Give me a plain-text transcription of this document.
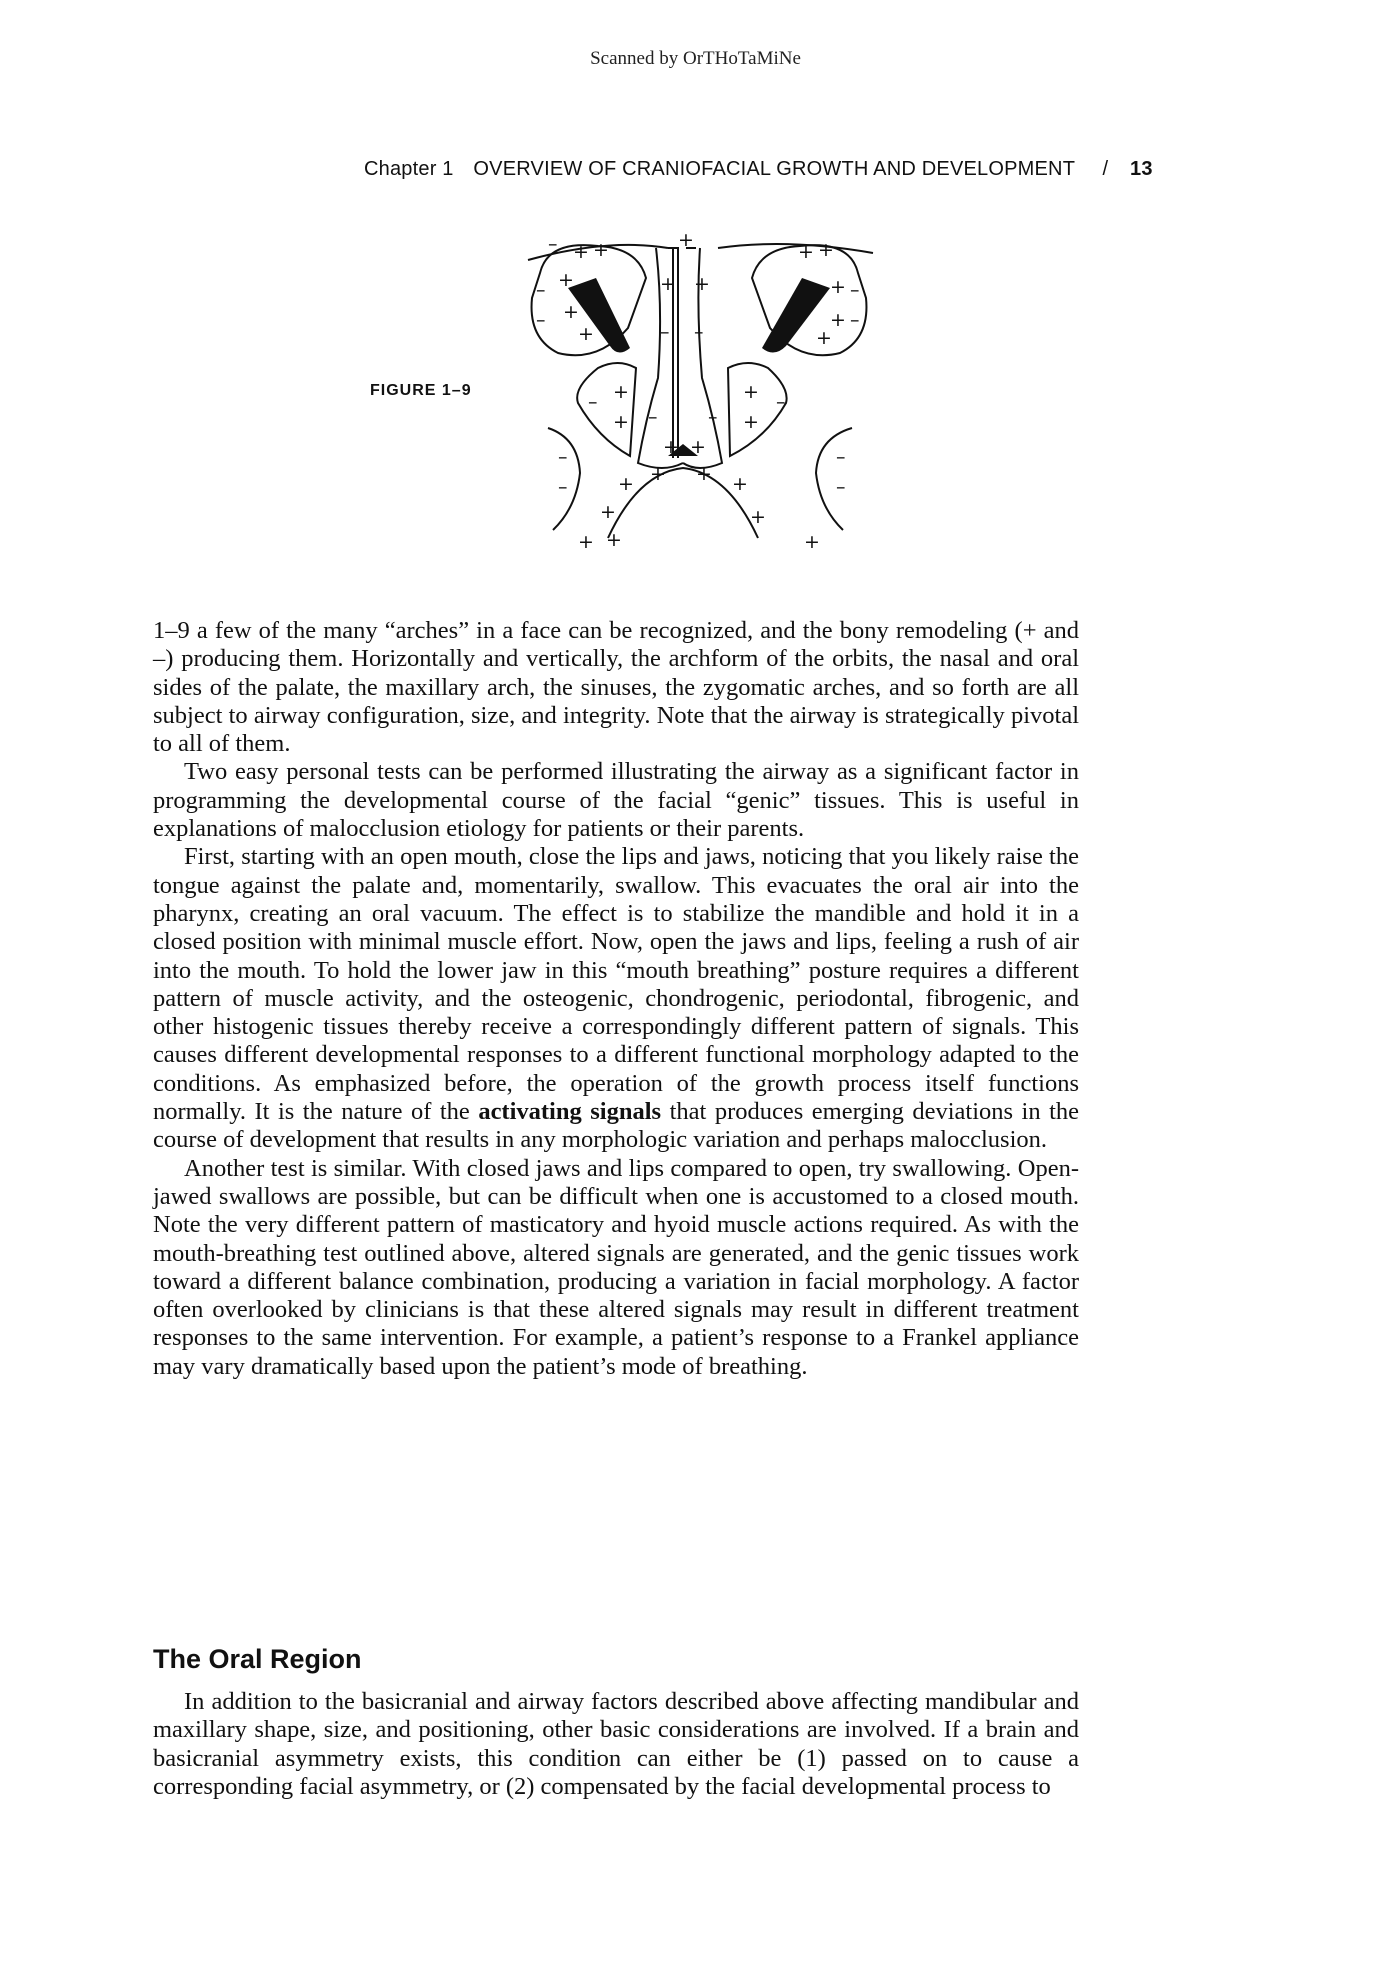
Scanned by OrTHoTaMiNe
Chapter 1 OVERVIEW OF CRANIOFACIAL GROWTH AND DEVELOPMENT / 13
FIGURE 1–9
+ +
+
+
+
–
–
–	+
+ +
– –
+ +
+
+
+
–
–
+
+
–	+
+
–
+ +
–	–
–
–
–
–
+ + + +
+
+ +
+
+

1–9 a few of the many “arches” in a face can be recognized, and the bony remodeling (+ and –) producing them. Horizontally and vertically, the archform of the orbits, the nasal and oral sides of the palate, the maxillary arch, the sinuses, the zygomatic arches, and so forth are all subject to airway configuration, size, and integrity. Note that the airway is strategically pivotal to all of them.

Two easy personal tests can be performed illustrating the airway as a significant factor in programming the developmental course of the facial “genic” tissues. This is useful in explanations of malocclusion etiology for patients or their parents.

First, starting with an open mouth, close the lips and jaws, noticing that you likely raise the tongue against the palate and, momentarily, swallow. This evacuates the oral air into the pharynx, creating an oral vacuum. The effect is to stabilize the mandible and hold it in a closed position with minimal muscle effort. Now, open the jaws and lips, feeling a rush of air into the mouth. To hold the lower jaw in this “mouth breathing” posture requires a different pattern of muscle activity, and the osteogenic, chondrogenic, periodontal, fibrogenic, and other histogenic tissues thereby receive a correspondingly different pattern of signals. This causes different developmental responses to a different functional morphology adapted to the conditions. As emphasized before, the operation of the growth process itself functions normally. It is the nature of the activating signals that produces emerging deviations in the course of development that results in any morphologic variation and perhaps malocclusion.

Another test is similar. With closed jaws and lips compared to open, try swallowing. Open-jawed swallows are possible, but can be difficult when one is accustomed to a closed mouth. Note the very different pattern of masticatory and hyoid muscle actions required. As with the mouth-breathing test outlined above, altered signals are generated, and the genic tissues work toward a different balance combination, producing a variation in facial morphology. A factor often overlooked by clinicians is that these altered signals may result in different treatment responses to the same intervention. For example, a patient’s response to a Frankel appliance may vary dramatically based upon the patient’s mode of breathing.

The Oral Region

In addition to the basicranial and airway factors described above affecting mandibular and maxillary shape, size, and positioning, other basic considerations are involved. If a brain and basicranial asymmetry exists, this condition can either be (1) passed on to cause a corresponding facial asymmetry, or (2) compensated by the facial developmental process to
